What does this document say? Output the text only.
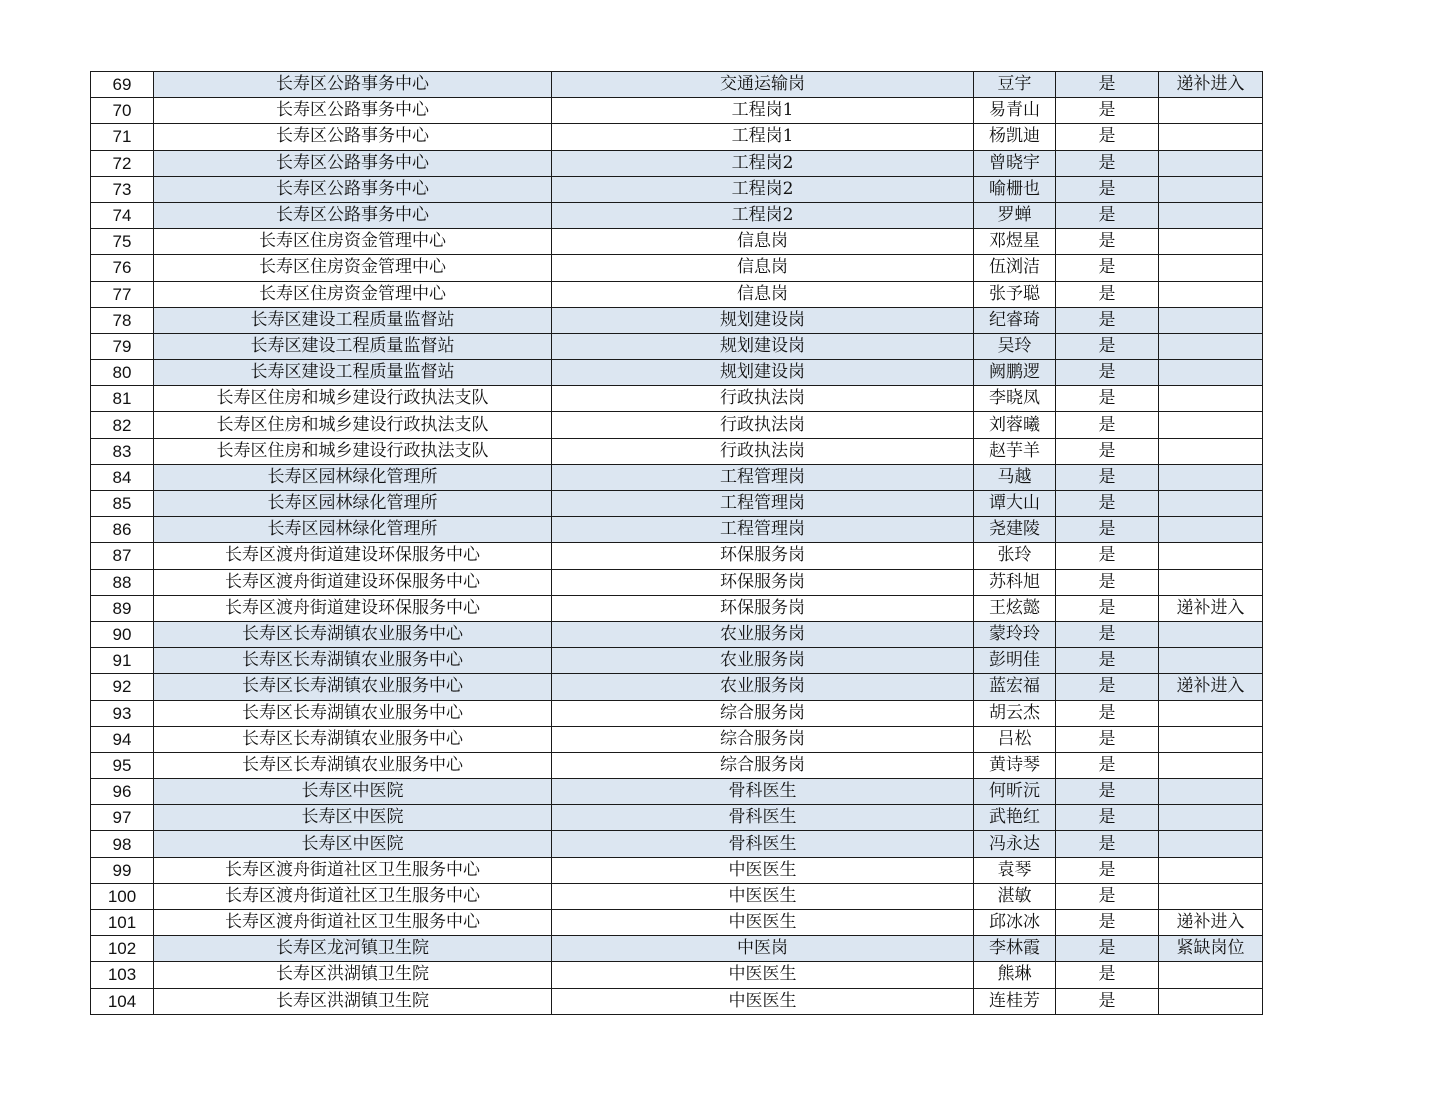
69	长寿区公路事务中心	交通运输岗	豆宇	是	递补进入
70	长寿区公路事务中心	工程岗1	易青山	是	
71	长寿区公路事务中心	工程岗1	杨凯迪	是	
72	长寿区公路事务中心	工程岗2	曾晓宇	是	
73	长寿区公路事务中心	工程岗2	喻栅也	是	
74	长寿区公路事务中心	工程岗2	罗蝉	是	
75	长寿区住房资金管理中心	信息岗	邓煜星	是	
76	长寿区住房资金管理中心	信息岗	伍浏洁	是	
77	长寿区住房资金管理中心	信息岗	张予聪	是	
78	长寿区建设工程质量监督站	规划建设岗	纪睿琦	是	
79	长寿区建设工程质量监督站	规划建设岗	吴玲	是	
80	长寿区建设工程质量监督站	规划建设岗	阙鹏逻	是	
81	长寿区住房和城乡建设行政执法支队	行政执法岗	李晓凤	是	
82	长寿区住房和城乡建设行政执法支队	行政执法岗	刘蓉曦	是	
83	长寿区住房和城乡建设行政执法支队	行政执法岗	赵芋羊	是	
84	长寿区园林绿化管理所	工程管理岗	马越	是	
85	长寿区园林绿化管理所	工程管理岗	谭大山	是	
86	长寿区园林绿化管理所	工程管理岗	尧建陵	是	
87	长寿区渡舟街道建设环保服务中心	环保服务岗	张玲	是	
88	长寿区渡舟街道建设环保服务中心	环保服务岗	苏科旭	是	
89	长寿区渡舟街道建设环保服务中心	环保服务岗	王炫懿	是	递补进入
90	长寿区长寿湖镇农业服务中心	农业服务岗	蒙玲玲	是	
91	长寿区长寿湖镇农业服务中心	农业服务岗	彭明佳	是	
92	长寿区长寿湖镇农业服务中心	农业服务岗	蓝宏福	是	递补进入
93	长寿区长寿湖镇农业服务中心	综合服务岗	胡云杰	是	
94	长寿区长寿湖镇农业服务中心	综合服务岗	吕松	是	
95	长寿区长寿湖镇农业服务中心	综合服务岗	黄诗琴	是	
96	长寿区中医院	骨科医生	何昕沅	是	
97	长寿区中医院	骨科医生	武艳红	是	
98	长寿区中医院	骨科医生	冯永达	是	
99	长寿区渡舟街道社区卫生服务中心	中医医生	袁琴	是	
100	长寿区渡舟街道社区卫生服务中心	中医医生	湛敏	是	
101	长寿区渡舟街道社区卫生服务中心	中医医生	邱冰冰	是	递补进入
102	长寿区龙河镇卫生院	中医岗	李林霞	是	紧缺岗位
103	长寿区洪湖镇卫生院	中医医生	熊琳	是	
104	长寿区洪湖镇卫生院	中医医生	连桂芳	是	
